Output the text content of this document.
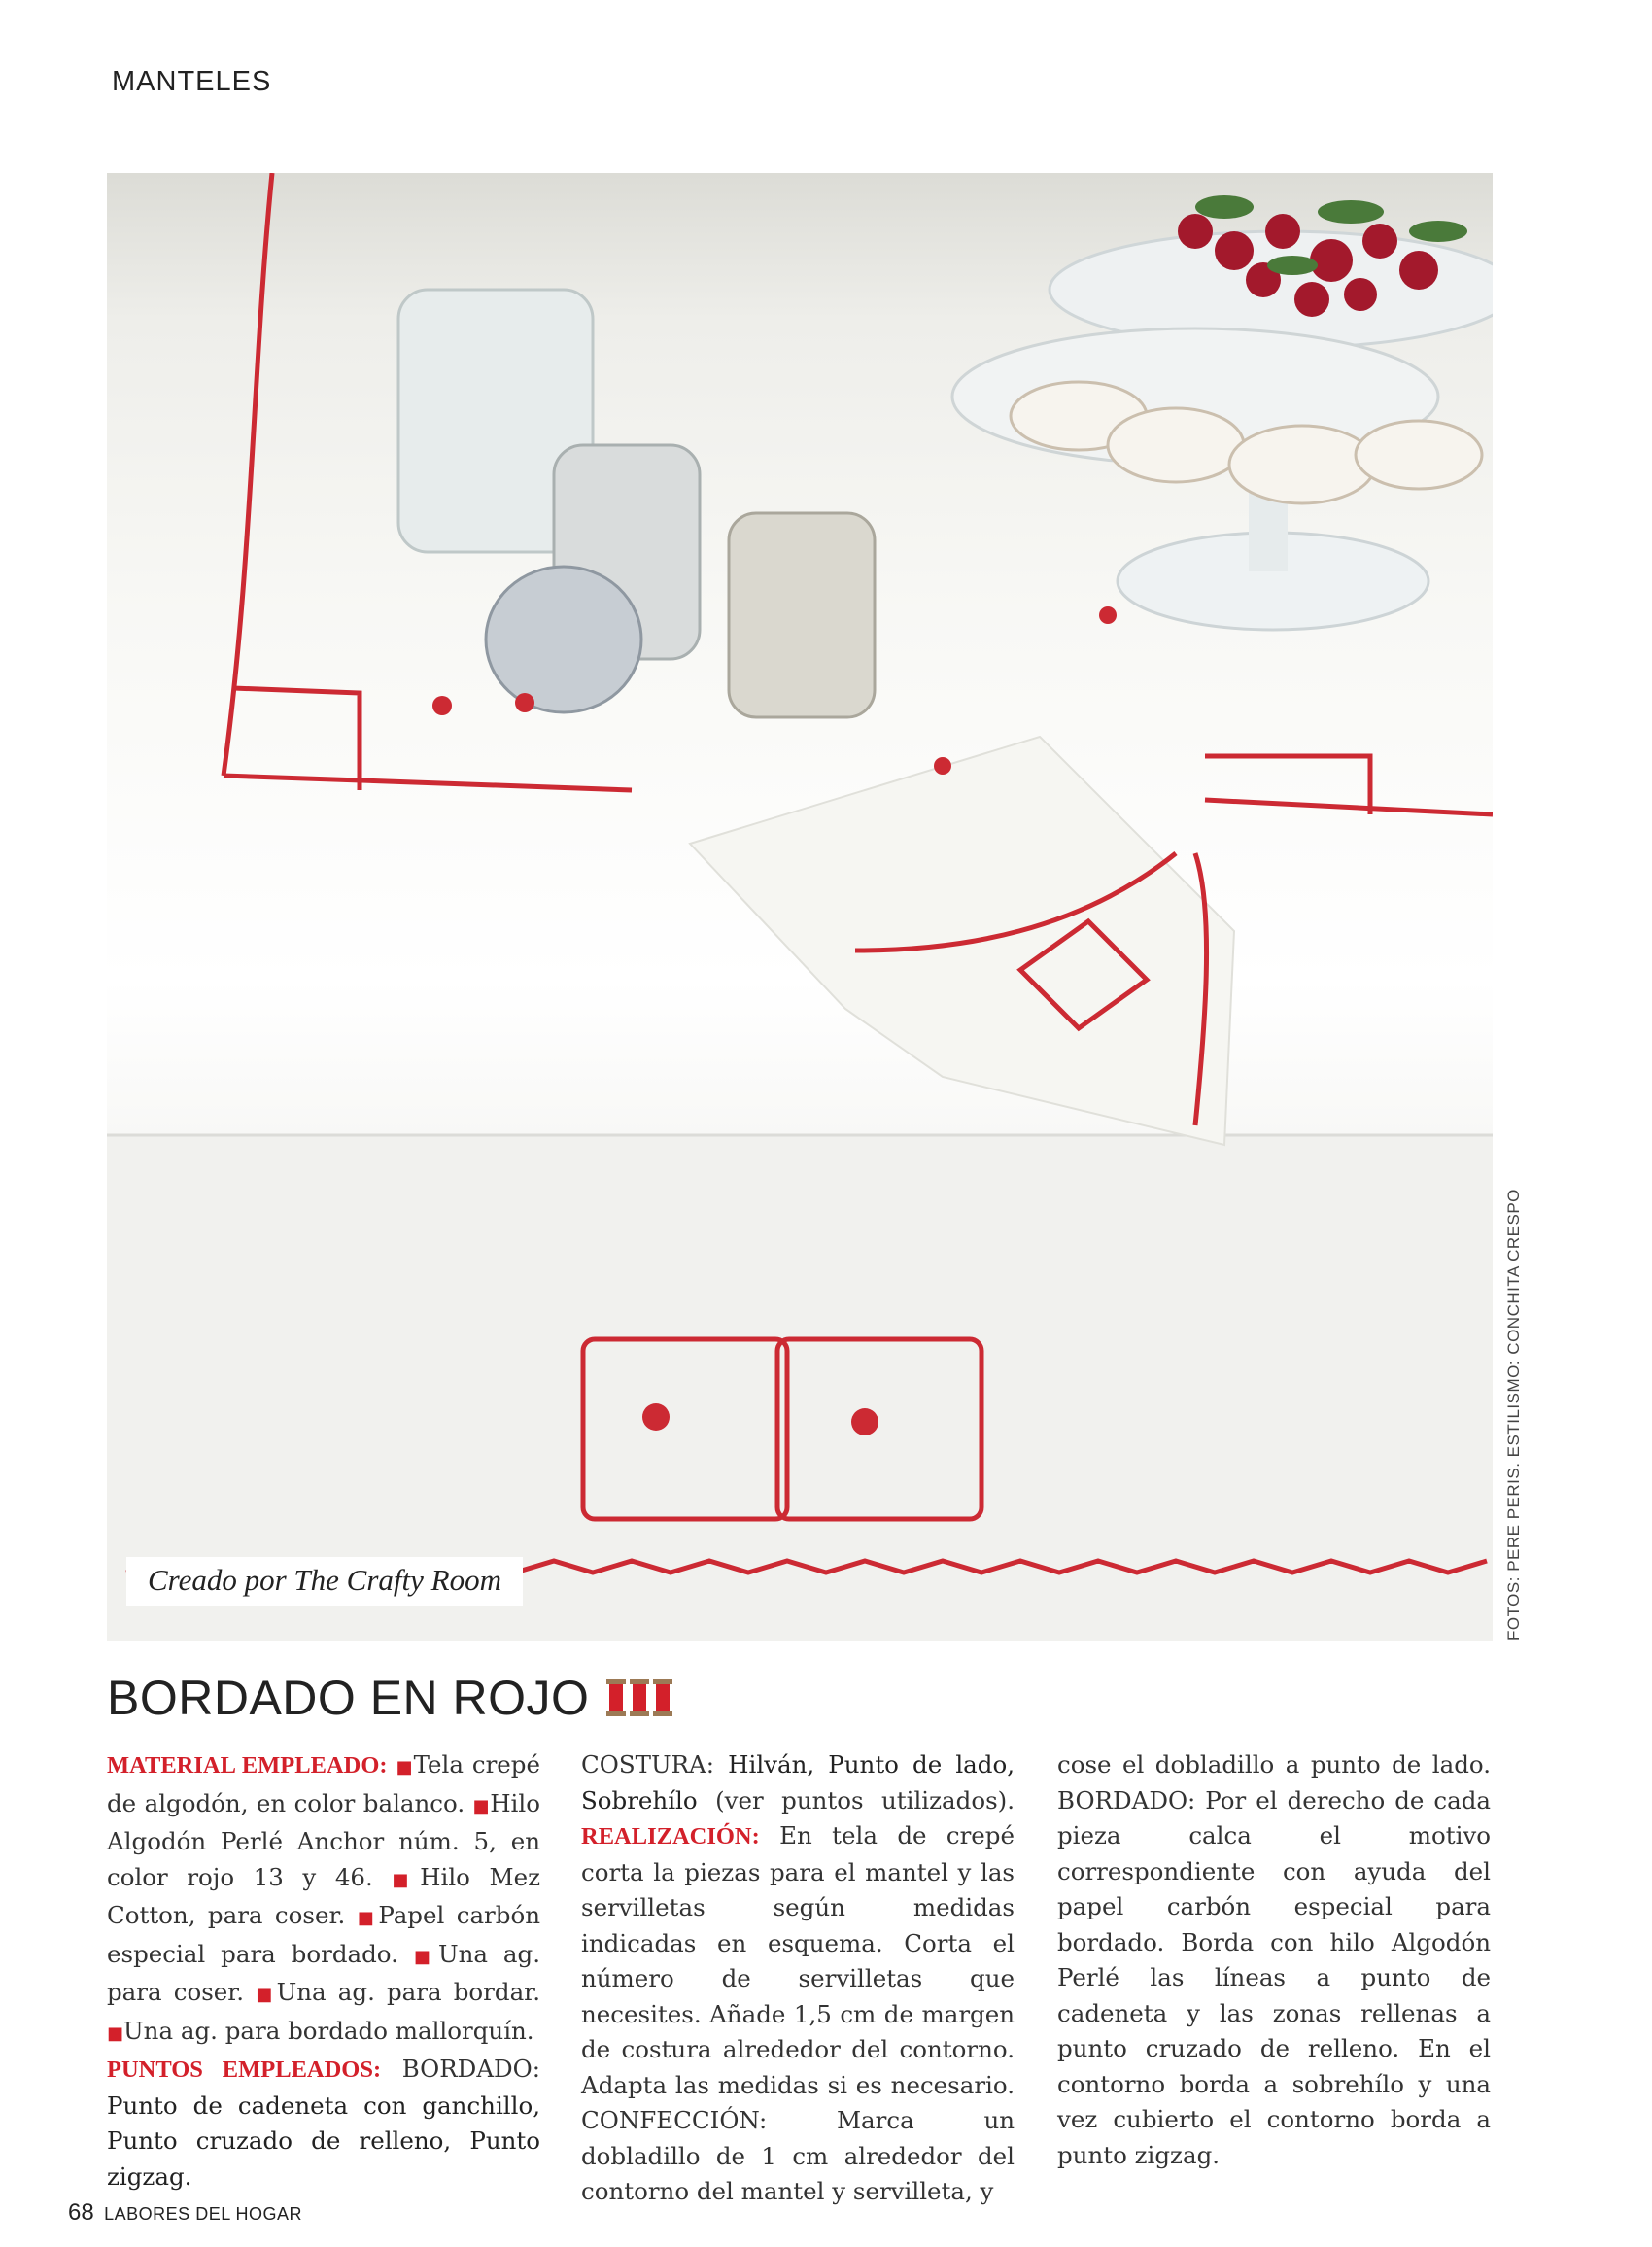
MANTELES
Creado por The Crafty Room	FOTOS: PERE PERIS. ESTILISMO: CONCHITA CRESPO
BORDADO EN ROJO
MATERIAL EMPLEADO: ■Tela crepé de algodón, en color balanco. ■Hilo Algodón Perlé Anchor núm. 5, en color rojo 13 y 46. ■Hilo Mez Cotton, para coser. ■Papel carbón especial para bordado. ■Una ag. para coser. ■Una ag. para bordar. ■Una ag. para bordado mallorquín.
PUNTOS EMPLEADOS: BORDADO: Punto de cadeneta con ganchillo, Punto cruzado de relleno, Punto zigzag.
COSTURA: Hilván, Punto de lado, Sobrehílo (ver puntos utilizados). REALIZACIÓN: En tela de crepé corta la piezas para el mantel y las servilletas según medidas indicadas en esquema. Corta el número de servilletas que necesites. Añade 1,5 cm de margen de costura alrededor del contorno. Adapta las medidas si es necesario. CONFECCIÓN: Marca un dobladillo de 1 cm alrededor del contorno del mantel y servilleta, y
cose el dobladillo a punto de lado. BORDADO: Por el derecho de cada pieza calca el motivo correspondiente con ayuda del papel carbón especial para bordado. Borda con hilo Algodón Perlé las líneas a punto de cadeneta y las zonas rellenas a punto cruzado de relleno. En el contorno borda a sobrehílo y una vez cubierto el contorno borda a punto zigzag.
68 LABORES DEL HOGAR
